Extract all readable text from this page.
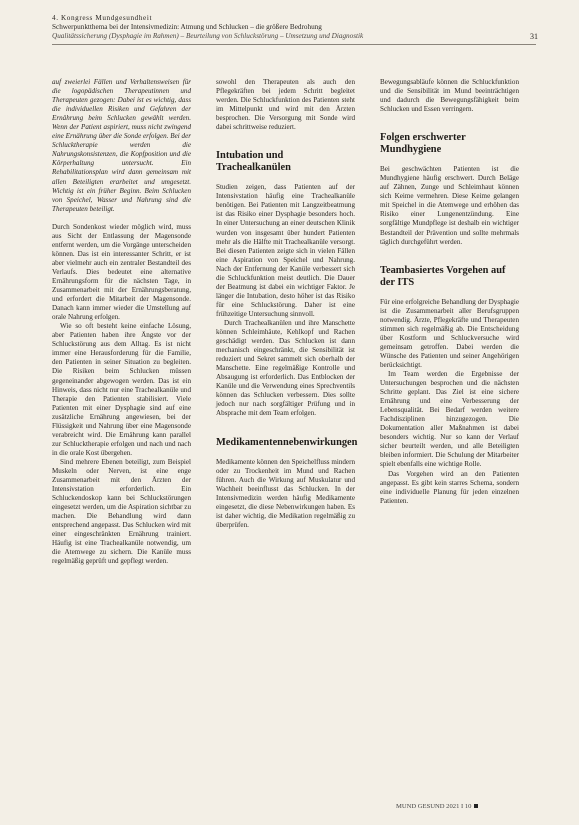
4. Kongress Mundgesundheit
Schwerpunktthema bei der Intensivmedizin: Atmung und Schlucken – die größere Bedrohung
Qualitätssicherung (Dysphagie im Rahmen) – Beurteilung von Schluckstörung – Umsetzung und Diagnostik	31

auf zweierlei Fällen und Verhaltensweisen für die logopädischen Therapeutinnen und Therapeuten gezogen: Dabei ist es wichtig, dass die individuellen Risiken und Gefahren der Ernährung beim Schlucken gewählt werden. Wenn der Patient aspiriert, muss nicht zwingend eine Ernährung über die Sonde erfolgen. Bei der Schlucktherapie werden die Nahrungskonsistenzen, die Kopfposition und die Körperhaltung untersucht. Ein Rehabilitationsplan wird dann gemeinsam mit allen Beteiligten erarbeitet und umgesetzt. Wichtig ist ein früher Beginn. Beim Schlucken von Speichel, Wasser und Nahrung sind die Therapeuten beteiligt.

Durch Sondenkost wieder möglich wird, muss aus Sicht der Entlassung der Magensonde entfernt werden, um die Vorgänge unterscheiden können. Das ist ein interessanter Schritt, er ist aber vielmehr auch ein zentraler Bestandteil des Verlaufs. Dies bedeutet eine alternative Ernährungsform für die nächsten Tage, in Zusammenarbeit mit der Ernährungsberatung, und erfordert die Mitarbeit der Magensonde. Danach kann immer wieder die Umstellung auf orale Nahrung erfolgen.

Wie so oft besteht keine einfache Lösung, aber Patienten haben ihre Ängste vor der Schluckstörung aus dem Alltag. Es ist nicht immer eine Herausforderung für die Familie, den Patienten in seiner Situation zu begleiten. Die Risiken beim Schlucken müssen gegeneinander abgewogen werden. Das ist ein Hinweis, dass nicht nur eine Trachealkanüle und Therapie den Patienten stabilisiert. Viele Patienten mit einer Dysphagie sind auf eine zusätzliche Ernährung angewiesen, bei der Flüssigkeit und Nahrung über eine Magensonde verabreicht wird. Die Ernährung kann parallel zur Schlucktherapie erfolgen und nach und nach in die orale Kost übergehen.

Sind mehrere Ebenen beteiligt, zum Beispiel Muskeln oder Nerven, ist eine enge Zusammenarbeit mit den Ärzten der Intensivstation erforderlich. Ein Schluckendoskop kann bei Schluckstörungen eingesetzt werden, um die Aspiration sichtbar zu machen. Die Behandlung wird dann entsprechend angepasst. Das Schlucken wird mit einer eingeschränkten Ernährung trainiert. Häufig ist eine Trachealkanüle notwendig, um die Atemwege zu sichern. Die Kanüle muss regelmäßig geprüft und gepflegt werden.

sowohl den Therapeuten als auch den Pflegekräften bei jedem Schritt begleitet werden. Die Schluckfunktion des Patienten steht im Mittelpunkt und wird mit den Ärzten besprochen. Die Versorgung mit Sonde wird dabei schrittweise reduziert.

Intubation und Trachealkanülen

Studien zeigen, dass Patienten auf der Intensivstation häufig eine Trachealkanüle benötigen. Bei Patienten mit Langzeitbeatmung ist das Risiko einer Dysphagie besonders hoch. In einer Untersuchung an einer deutschen Klinik wurden von insgesamt über hundert Patienten mehr als die Hälfte mit Trachealkanüle versorgt. Bei diesen Patienten zeigte sich in vielen Fällen eine Aspiration von Speichel und Nahrung. Nach der Entfernung der Kanüle verbessert sich die Schluckfunktion meist deutlich. Die Dauer der Beatmung ist dabei ein wichtiger Faktor. Je länger die Intubation, desto höher ist das Risiko für eine Schluckstörung. Daher ist eine frühzeitige Untersuchung sinnvoll.

Durch Trachealkanülen und ihre Manschette können Schleimhäute, Kehlkopf und Rachen geschädigt werden. Das Schlucken ist dann mechanisch eingeschränkt, die Sensibilität ist reduziert und Sekret sammelt sich oberhalb der Manschette. Eine regelmäßige Kontrolle und Absaugung ist erforderlich. Das Entblocken der Kanüle und die Verwendung eines Sprechventils können das Schlucken verbessern. Dies sollte jedoch nur nach sorgfältiger Prüfung und in Absprache mit dem Team erfolgen.

Medikamentennebenwirkungen

Medikamente können den Speichelfluss mindern oder zu Trockenheit im Mund und Rachen führen. Auch die Wirkung auf Muskulatur und Wachheit beeinflusst das Schlucken. In der Intensivmedizin werden häufig Medikamente eingesetzt, die diese Nebenwirkungen haben. Es ist daher wichtig, die Medikation regelmäßig zu überprüfen.

Bewegungsabläufe können die Schluckfunktion und die Sensibilität im Mund beeinträchtigen und dadurch die Bewegungsfähigkeit beim Schlucken und Essen verringern.

Folgen erschwerter Mundhygiene

Bei geschwächten Patienten ist die Mundhygiene häufig erschwert. Durch Beläge auf Zähnen, Zunge und Schleimhaut können sich Keime vermehren. Diese Keime gelangen mit Speichel in die Atemwege und erhöhen das Risiko einer Lungenentzündung. Eine sorgfältige Mundpflege ist deshalb ein wichtiger Bestandteil der Prävention und sollte mehrmals täglich durchgeführt werden.

Teambasiertes Vorgehen auf der ITS

Für eine erfolgreiche Behandlung der Dysphagie ist die Zusammenarbeit aller Berufsgruppen notwendig. Ärzte, Pflegekräfte und Therapeuten stimmen sich regelmäßig ab. Die Entscheidung über Kostform und Schluckversuche wird gemeinsam getroffen. Dabei werden die Wünsche des Patienten und seiner Angehörigen berücksichtigt.

Im Team werden die Ergebnisse der Untersuchungen besprochen und die nächsten Schritte geplant. Das Ziel ist eine sichere Ernährung und eine Verbesserung der Lebensqualität. Bei Bedarf werden weitere Fachdisziplinen hinzugezogen. Die Dokumentation aller Maßnahmen ist dabei besonders wichtig. Nur so kann der Verlauf sicher beurteilt werden, und alle Beteiligten bleiben informiert. Die Schulung der Mitarbeiter spielt ebenfalls eine wichtige Rolle.

Das Vorgehen wird an den Patienten angepasst. Es gibt kein starres Schema, sondern eine individuelle Planung für jeden einzelnen Patienten.

MUND GESUND 2021 I 10
